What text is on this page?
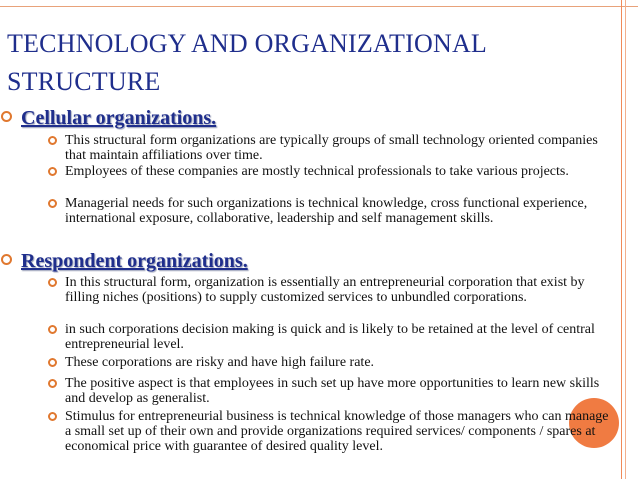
TECHNOLOGY AND ORGANIZATIONAL
STRUCTURE
Cellular organizations.
This structural form organizations are typically groups of small technology oriented companies that maintain affiliations over time.
Employees of these companies are mostly technical professionals to take various projects.
Managerial needs for such organizations is technical knowledge, cross functional experience, international exposure, collaborative, leadership and self management skills.
Respondent organizations.
In this structural form, organization is essentially an entrepreneurial corporation that exist by filling niches (positions) to supply customized services to unbundled corporations.
in such corporations decision making is quick and is likely to be retained at the level of central entrepreneurial level.
These corporations are risky and have high failure rate.
The positive aspect is that employees in such set up have more opportunities to learn new skills and develop as generalist.
Stimulus for entrepreneurial business is technical knowledge of those managers who can manage a small set up of their own and provide organizations required services/ components / spares at economical price with guarantee of desired quality level.
